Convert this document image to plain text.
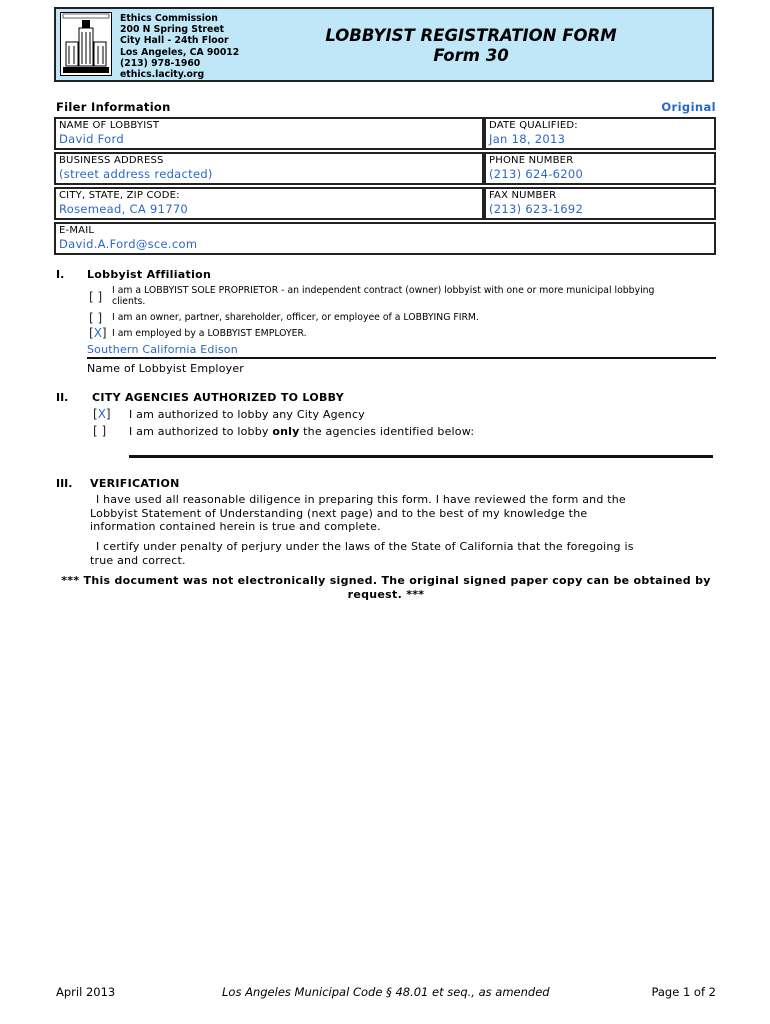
Ethics Commission
200 N Spring Street
City Hall - 24th Floor
Los Angeles, CA 90012
(213) 978-1960
ethics.lacity.org
LOBBYIST REGISTRATION FORM
Form 30
Filer Information	Original
NAME OF LOBBYIST
David Ford
DATE QUALIFIED:
Jan 18, 2013
BUSINESS ADDRESS
(street address redacted)
PHONE NUMBER
(213) 624-6200
CITY, STATE, ZIP CODE:
Rosemead, CA 91770
FAX NUMBER
(213) 623-1692
E-MAIL
David.A.Ford@sce.com
I. Lobbyist Affiliation
[ ] I am a LOBBYIST SOLE PROPRIETOR - an independent contract (owner) lobbyist with one or more municipal lobbying
clients.
[ ] I am an owner, partner, shareholder, officer, or employee of a LOBBYING FIRM.
[X] I am employed by a LOBBYIST EMPLOYER.
Southern California Edison
Name of Lobbyist Employer
II. CITY AGENCIES AUTHORIZED TO LOBBY
[X] I am authorized to lobby any City Agency
[ ] I am authorized to lobby only the agencies identified below:
III. VERIFICATION
I have used all reasonable diligence in preparing this form. I have reviewed the form and the
Lobbyist Statement of Understanding (next page) and to the best of my knowledge the
information contained herein is true and complete.
I certify under penalty of perjury under the laws of the State of California that the foregoing is
true and correct.
*** This document was not electronically signed. The original signed paper copy can be obtained by
request. ***
April 2013	Los Angeles Municipal Code § 48.01 et seq., as amended	Page 1 of 2
